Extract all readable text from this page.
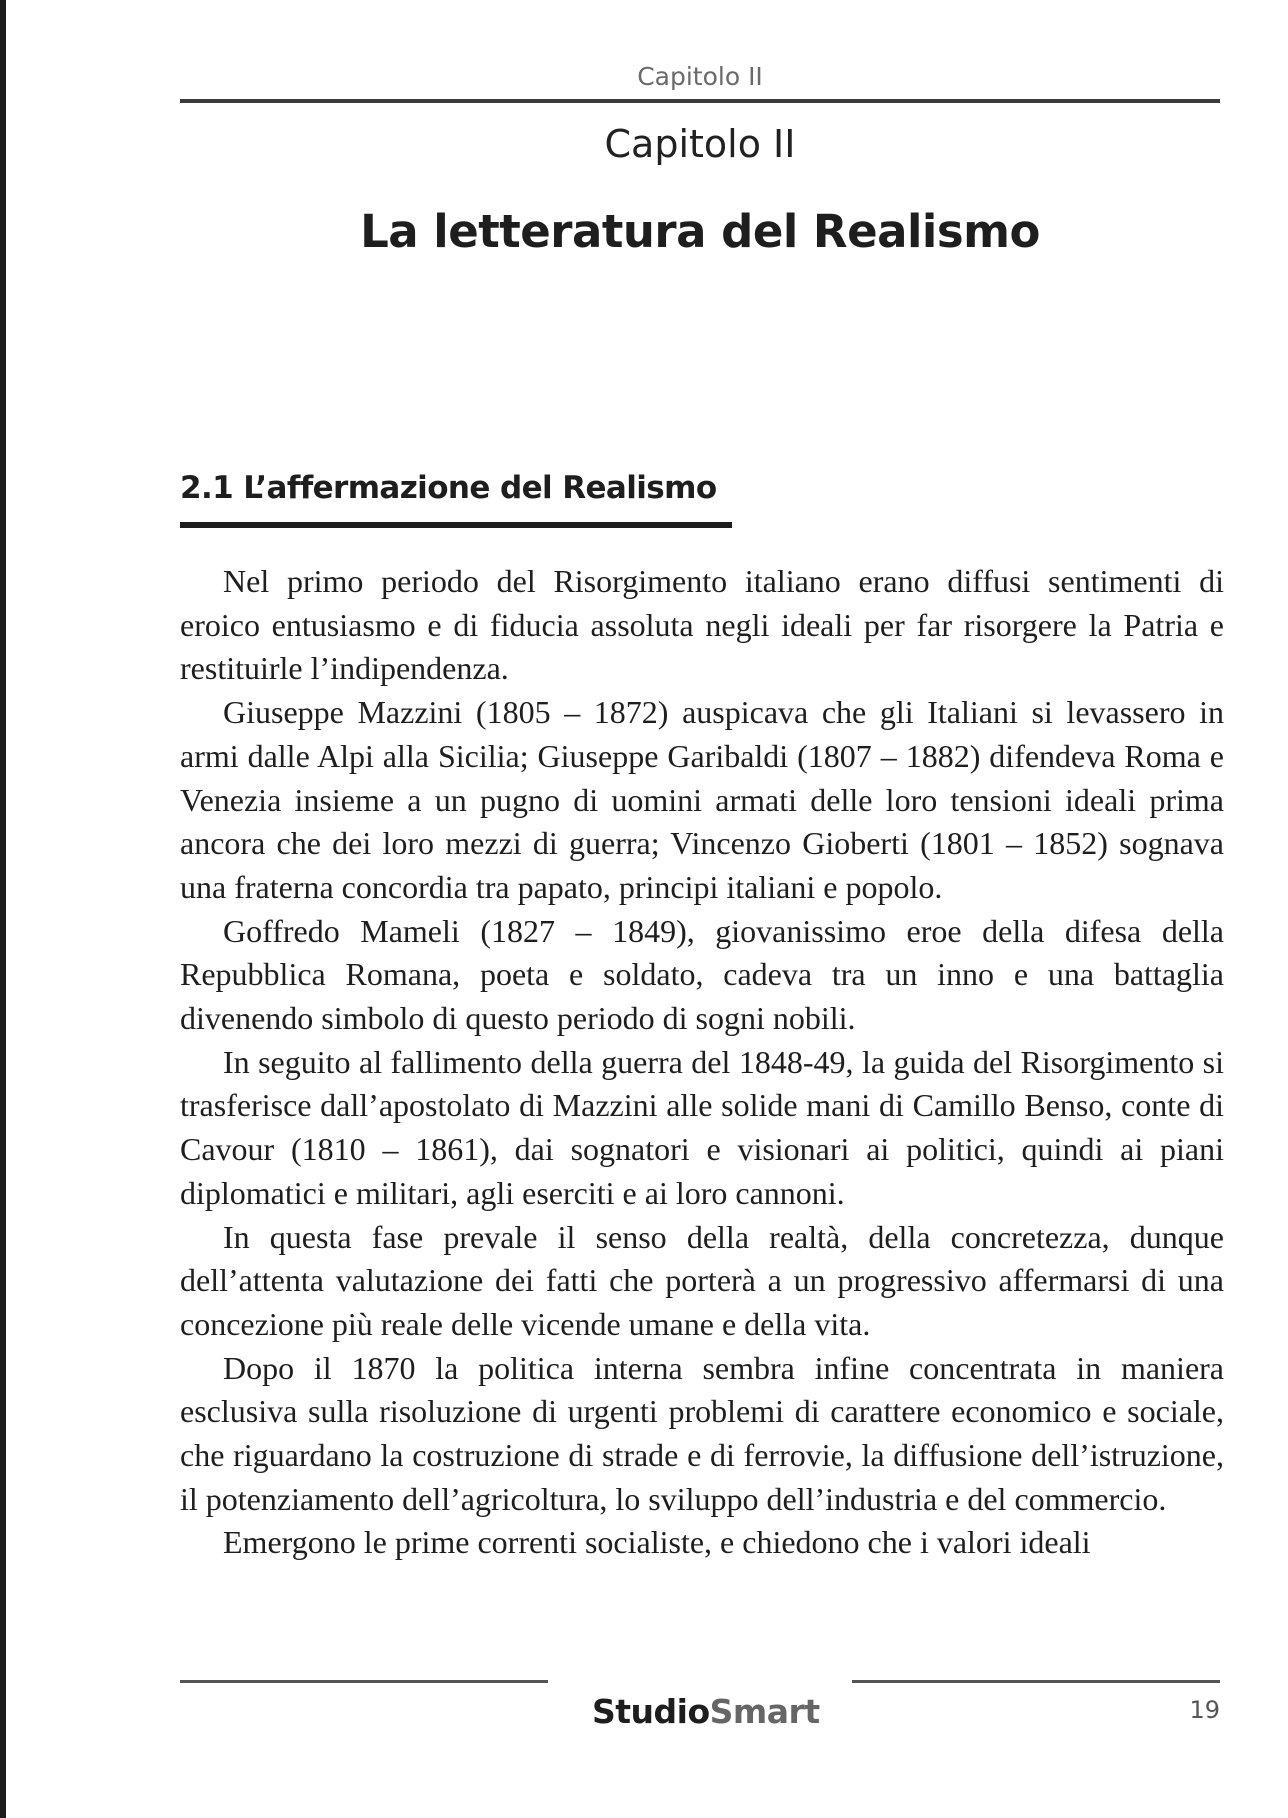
Capitolo II
Capitolo II
La letteratura del Realismo
2.1 L’affermazione del Realismo

Nel primo periodo del Risorgimento italiano erano diffusi sentimenti di eroico entusiasmo e di fiducia assoluta negli ideali per far risorgere la Patria e restituirle l’indipendenza.

Giuseppe Mazzini (1805 – 1872) auspicava che gli Italiani si levassero in armi dalle Alpi alla Sicilia; Giuseppe Garibaldi (1807 – 1882) difendeva Roma e Venezia insieme a un pugno di uomini armati delle loro tensioni ideali prima ancora che dei loro mezzi di guerra; Vincenzo Gioberti (1801 – 1852) sognava una fraterna concordia tra papato, principi italiani e popolo.

Goffredo Mameli (1827 – 1849), giovanissimo eroe della difesa della Repubblica Romana, poeta e soldato, cadeva tra un inno e una battaglia divenendo simbolo di questo periodo di sogni nobili.

In seguito al fallimento della guerra del 1848-49, la guida del Risorgimento si trasferisce dall’apostolato di Mazzini alle solide mani di Camillo Benso, conte di Cavour (1810 – 1861), dai sognatori e visionari ai politici, quindi ai piani diplomatici e militari, agli eserciti e ai loro cannoni.

In questa fase prevale il senso della realtà, della concretezza, dunque dell’attenta valutazione dei fatti che porterà a un progressivo affermarsi di una concezione più reale delle vicende umane e della vita.

Dopo il 1870 la politica interna sembra infine concentrata in maniera esclusiva sulla risoluzione di urgenti problemi di carattere economico e sociale, che riguardano la costruzione di strade e di ferrovie, la diffusione dell’istruzione, il potenziamento dell’agricoltura, lo sviluppo dell’industria e del commercio.

Emergono le prime correnti socialiste, e chiedono che i valori ideali

StudioSmart	19
